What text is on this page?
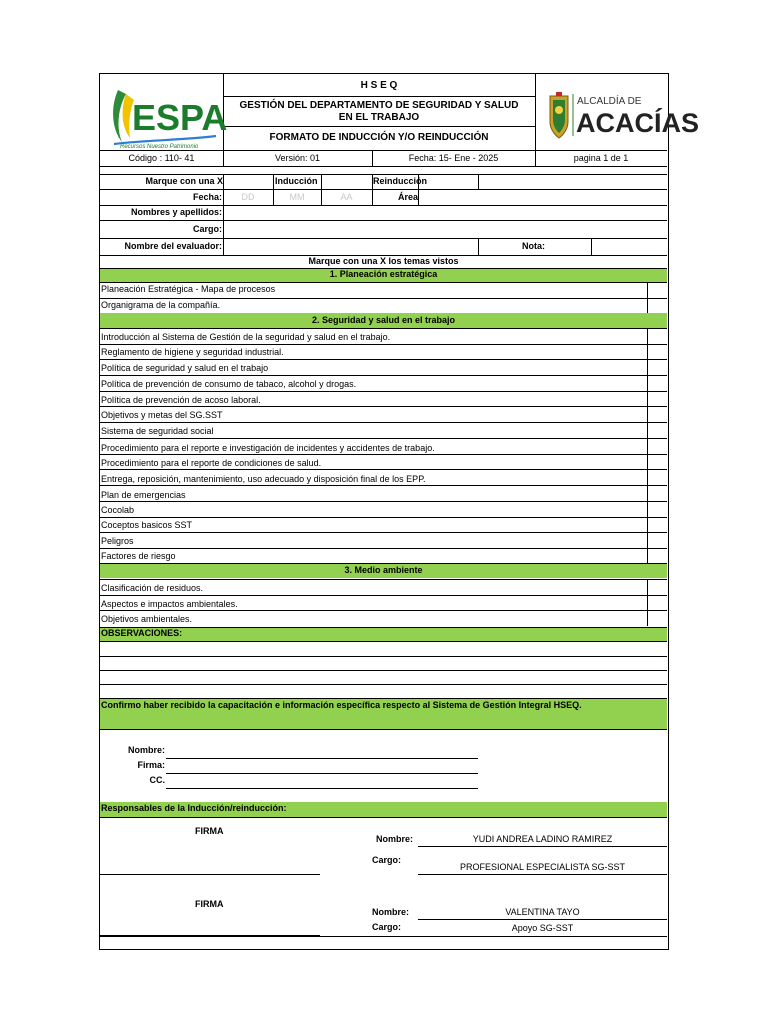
ESPA
Recursos Nuestro Patrimonio
H S E Q
GESTIÓN DEL DEPARTAMENTO DE SEGURIDAD Y SALUD
EN EL TRABAJO
FORMATO DE INDUCCIÓN Y/O REINDUCCIÓN
ALCALDÍA DE
ACACÍAS
Código : 110- 41	Versión: 01	Fecha: 15- Ene - 2025	pagina 1 de 1
Marque con una X	Inducción	Reinducción
Fecha:	DD	MM	AA	Área
Nombres y apellidos:
Cargo:
Nombre del evaluador:	Nota:
Marque con una X los temas vistos
1. Planeación estratégica
Planeación Estratégica - Mapa de procesos
Organigrama de la compañía.
2. Seguridad y salud en el trabajo
Introducción al Sistema de Gestión de la seguridad y salud en el trabajo.
Reglamento de higiene y seguridad industrial.
Política de seguridad y salud en el trabajo
Política de prevención de consumo de tabaco, alcohol y drogas.
Política de prevención de acoso laboral.
Objetivos y metas del SG.SST
Sistema de seguridad social
Procedimiento para el reporte e investigación de incidentes y accidentes de trabajo.
Procedimiento para el reporte de condiciones de salud.
Entrega, reposición, mantenimiento, uso adecuado y disposición final de los EPP.
Plan de emergencias
Cocolab
Coceptos basicos SST
Peligros
Factores de riesgo
3. Medio ambiente
Clasificación de residuos.
Aspectos e impactos ambientales.
Objetivos ambientales.
OBSERVACIONES:
Confirmo haber recibido la capacitación e información específica respecto al Sistema de Gestión Integral HSEQ.
Nombre:
Firma:
CC.
Responsables de la Inducción/reinducción:
FIRMA
Nombre:	YUDI ANDREA LADINO RAMIREZ
Cargo:
PROFESIONAL ESPECIALISTA SG-SST
FIRMA
Nombre:	VALENTINA TAYO
Cargo:	Apoyo SG-SST
